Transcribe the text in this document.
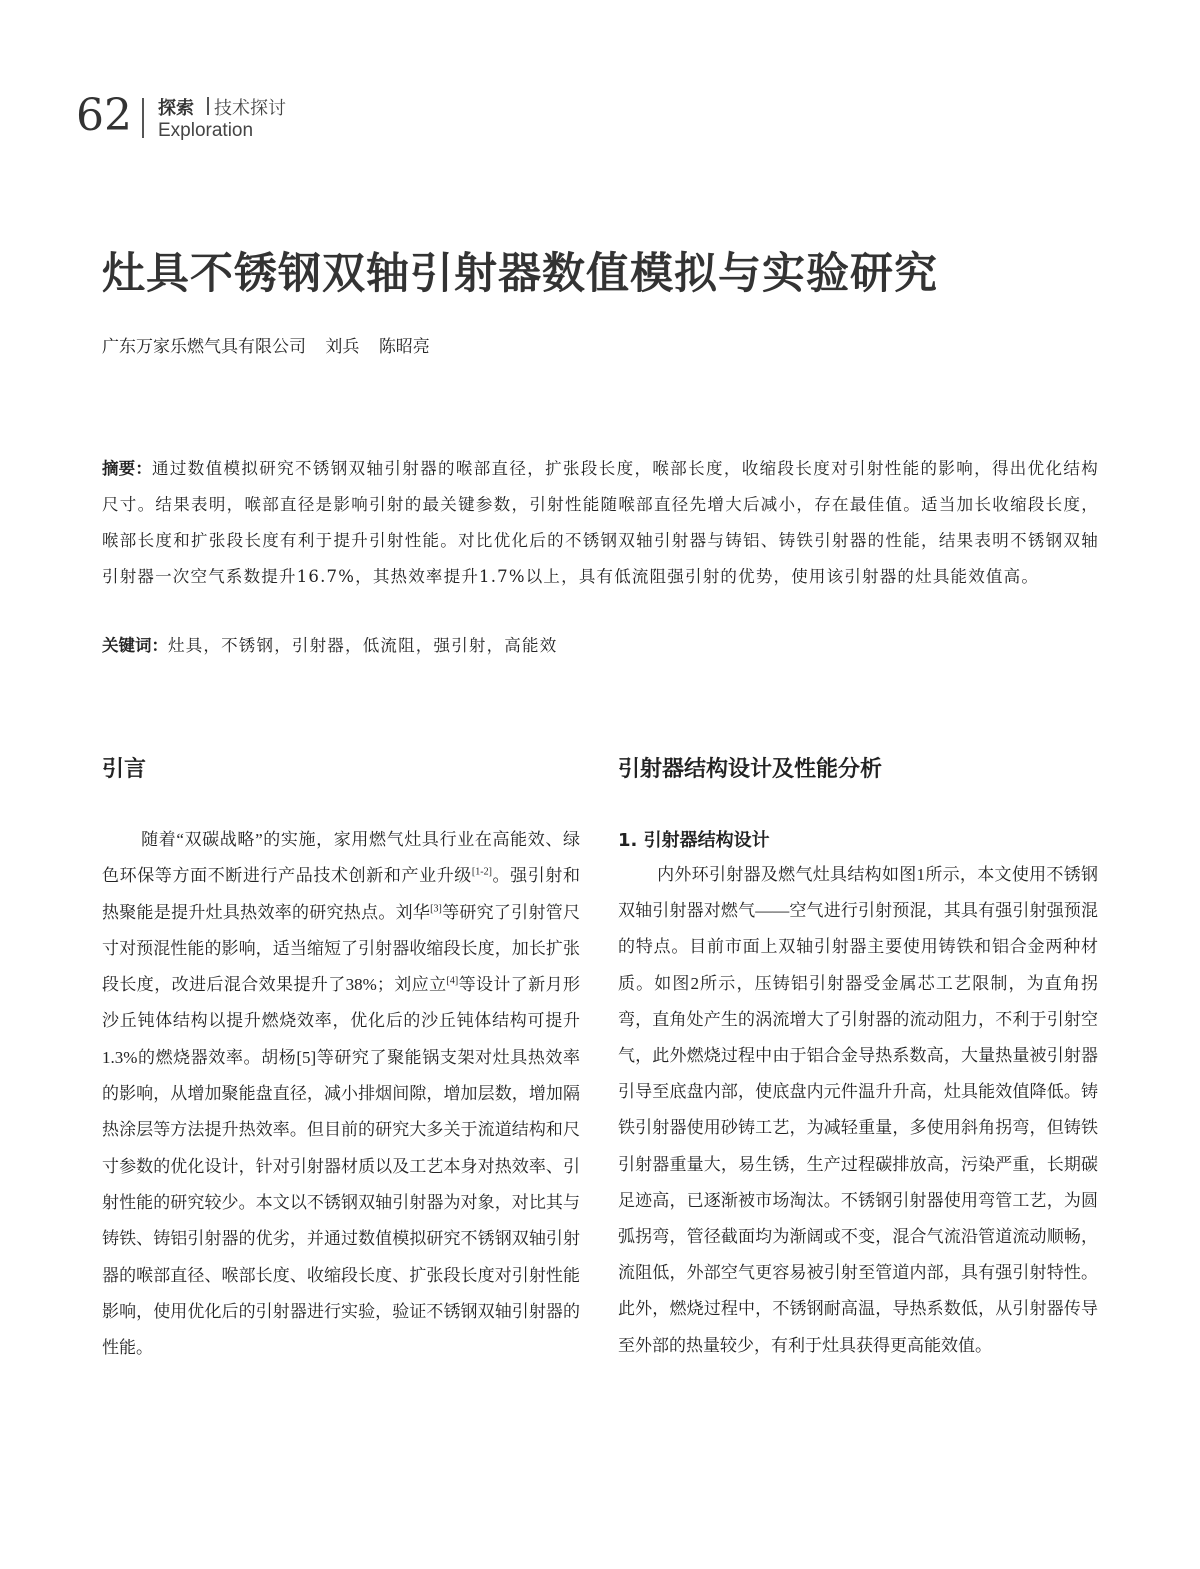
62 探索 技术探讨
Exploration
灶具不锈钢双轴引射器数值模拟与实验研究
广东万家乐燃气具有限公司 刘兵 陈昭亮

摘要：通过数值模拟研究不锈钢双轴引射器的喉部直径，扩张段长度，喉部长度，收缩段长度对引射性能的影响，得出优化结构尺寸。结果表明，喉部直径是影响引射的最关键参数，引射性能随喉部直径先增大后减小，存在最佳值。适当加长收缩段长度，喉部长度和扩张段长度有利于提升引射性能。对比优化后的不锈钢双轴引射器与铸铝、铸铁引射器的性能，结果表明不锈钢双轴引射器一次空气系数提升16.7%，其热效率提升1.7%以上，具有低流阻强引射的优势，使用该引射器的灶具能效值高。

关键词：灶具，不锈钢，引射器，低流阻，强引射，高能效

引言

随着“双碳战略”的实施，家用燃气灶具行业在高能效、绿色环保等方面不断进行产品技术创新和产业升级[1-2]。强引射和热聚能是提升灶具热效率的研究热点。刘华[3]等研究了引射管尺寸对预混性能的影响，适当缩短了引射器收缩段长度，加长扩张段长度，改进后混合效果提升了38%；刘应立[4]等设计了新月形沙丘钝体结构以提升燃烧效率，优化后的沙丘钝体结构可提升1.3%的燃烧器效率。胡杨[5]等研究了聚能锅支架对灶具热效率的影响，从增加聚能盘直径，减小排烟间隙，增加层数，增加隔热涂层等方法提升热效率。但目前的研究大多关于流道结构和尺寸参数的优化设计，针对引射器材质以及工艺本身对热效率、引射性能的研究较少。本文以不锈钢双轴引射器为对象，对比其与铸铁、铸铝引射器的优劣，并通过数值模拟研究不锈钢双轴引射器的喉部直径、喉部长度、收缩段长度、扩张段长度对引射性能影响，使用优化后的引射器进行实验，验证不锈钢双轴引射器的性能。

引射器结构设计及性能分析
1. 引射器结构设计

内外环引射器及燃气灶具结构如图1所示，本文使用不锈钢双轴引射器对燃气——空气进行引射预混，其具有强引射强预混的特点。目前市面上双轴引射器主要使用铸铁和铝合金两种材质。如图2所示，压铸铝引射器受金属芯工艺限制，为直角拐弯，直角处产生的涡流增大了引射器的流动阻力，不利于引射空气，此外燃烧过程中由于铝合金导热系数高，大量热量被引射器引导至底盘内部，使底盘内元件温升升高，灶具能效值降低。铸铁引射器使用砂铸工艺，为减轻重量，多使用斜角拐弯，但铸铁引射器重量大，易生锈，生产过程碳排放高，污染严重，长期碳足迹高，已逐渐被市场淘汰。不锈钢引射器使用弯管工艺，为圆弧拐弯，管径截面均为渐阔或不变，混合气流沿管道流动顺畅，流阻低，外部空气更容易被引射至管道内部，具有强引射特性。此外，燃烧过程中，不锈钢耐高温，导热系数低，从引射器传导至外部的热量较少，有利于灶具获得更高能效值。
